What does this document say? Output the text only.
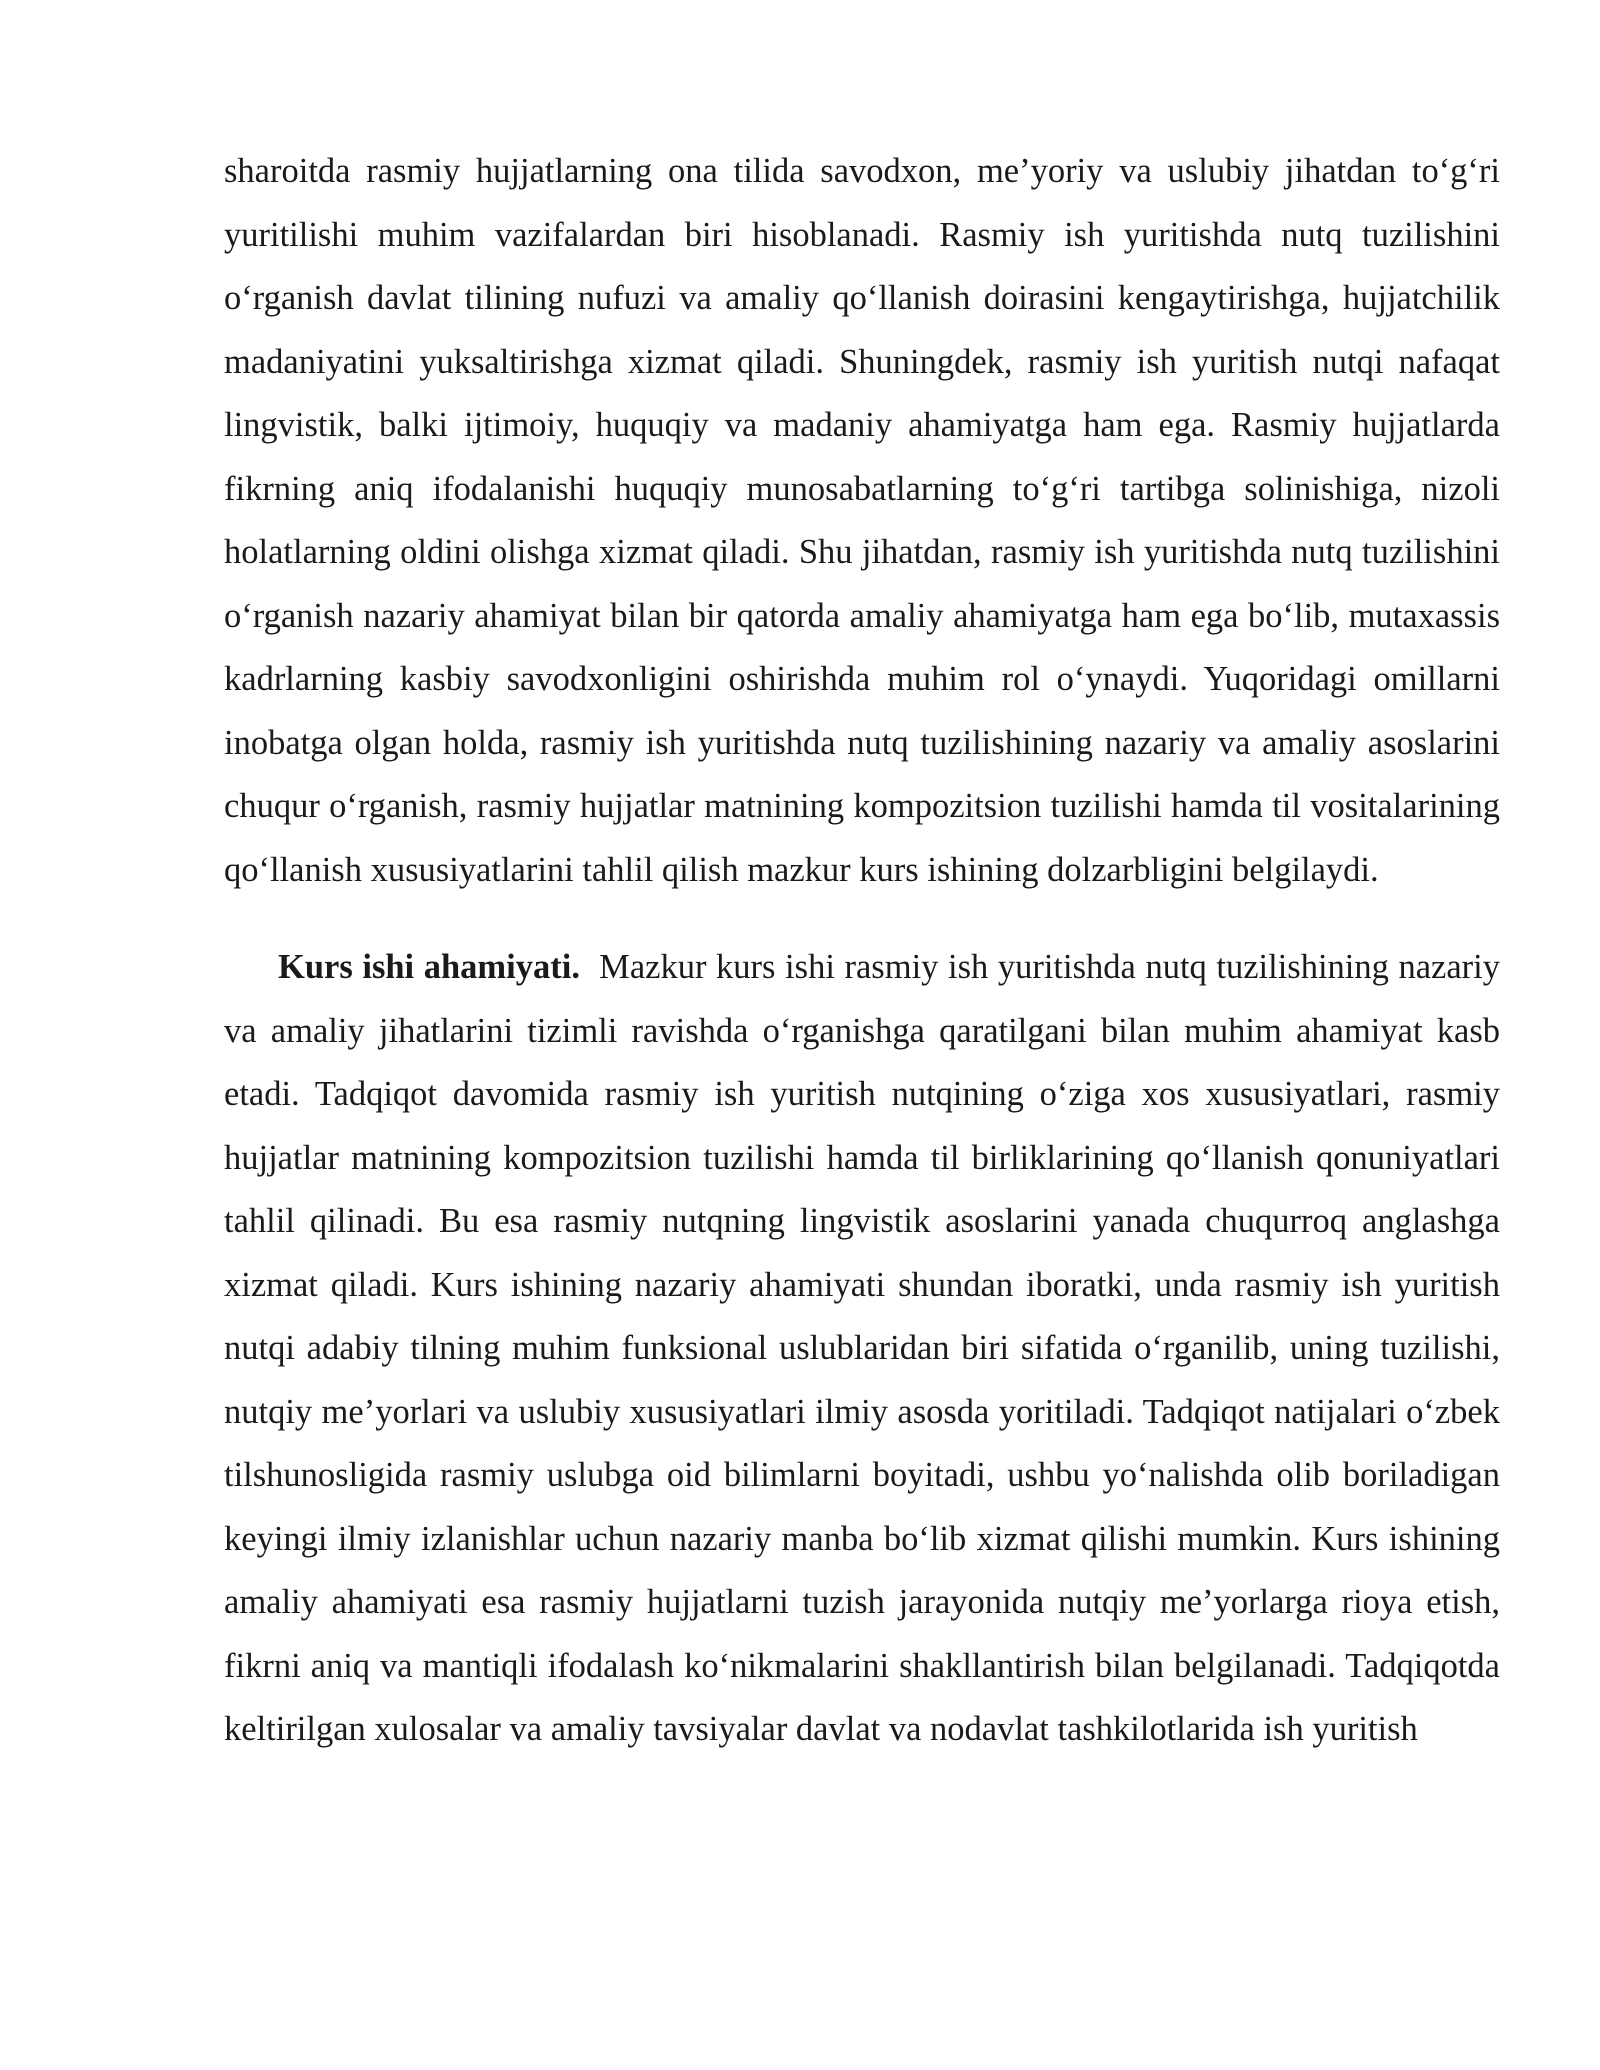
sharoitda rasmiy hujjatlarning ona tilida savodxon, me’yoriy va uslubiy jihatdan to‘g‘ri yuritilishi muhim vazifalardan biri hisoblanadi. Rasmiy ish yuritishda nutq tuzilishini o‘rganish davlat tilining nufuzi va amaliy qo‘llanish doirasini kengaytirishga, hujjatchilik madaniyatini yuksaltirishga xizmat qiladi. Shuningdek, rasmiy ish yuritish nutqi nafaqat lingvistik, balki ijtimoiy, huquqiy va madaniy ahamiyatga ham ega. Rasmiy hujjatlarda fikrning aniq ifodalanishi huquqiy munosabatlarning to‘g‘ri tartibga solinishiga, nizoli holatlarning oldini olishga xizmat qiladi. Shu jihatdan, rasmiy ish yuritishda nutq tuzilishini o‘rganish nazariy ahamiyat bilan bir qatorda amaliy ahamiyatga ham ega bo‘lib, mutaxassis kadrlarning kasbiy savodxonligini oshirishda muhim rol o‘ynaydi. Yuqoridagi omillarni inobatga olgan holda, rasmiy ish yuritishda nutq tuzilishining nazariy va amaliy asoslarini chuqur o‘rganish, rasmiy hujjatlar matnining kompozitsion tuzilishi hamda til vositalarining qo‘llanish xususiyatlarini tahlil qilish mazkur kurs ishining dolzarbligini belgilaydi.

Kurs ishi ahamiyati. Mazkur kurs ishi rasmiy ish yuritishda nutq tuzilishining nazariy va amaliy jihatlarini tizimli ravishda o‘rganishga qaratilgani bilan muhim ahamiyat kasb etadi. Tadqiqot davomida rasmiy ish yuritish nutqining o‘ziga xos xususiyatlari, rasmiy hujjatlar matnining kompozitsion tuzilishi hamda til birliklarining qo‘llanish qonuniyatlari tahlil qilinadi. Bu esa rasmiy nutqning lingvistik asoslarini yanada chuqurroq anglashga xizmat qiladi. Kurs ishining nazariy ahamiyati shundan iboratki, unda rasmiy ish yuritish nutqi adabiy tilning muhim funksional uslublaridan biri sifatida o‘rganilib, uning tuzilishi, nutqiy me’yorlari va uslubiy xususiyatlari ilmiy asosda yoritiladi. Tadqiqot natijalari o‘zbek tilshunosligida rasmiy uslubga oid bilimlarni boyitadi, ushbu yo‘nalishda olib boriladigan keyingi ilmiy izlanishlar uchun nazariy manba bo‘lib xizmat qilishi mumkin. Kurs ishining amaliy ahamiyati esa rasmiy hujjatlarni tuzish jarayonida nutqiy me’yorlarga rioya etish, fikrni aniq va mantiqli ifodalash ko‘nikmalarini shakllantirish bilan belgilanadi. Tadqiqotda keltirilgan xulosalar va amaliy tavsiyalar davlat va nodavlat tashkilotlarida ish yuritish
